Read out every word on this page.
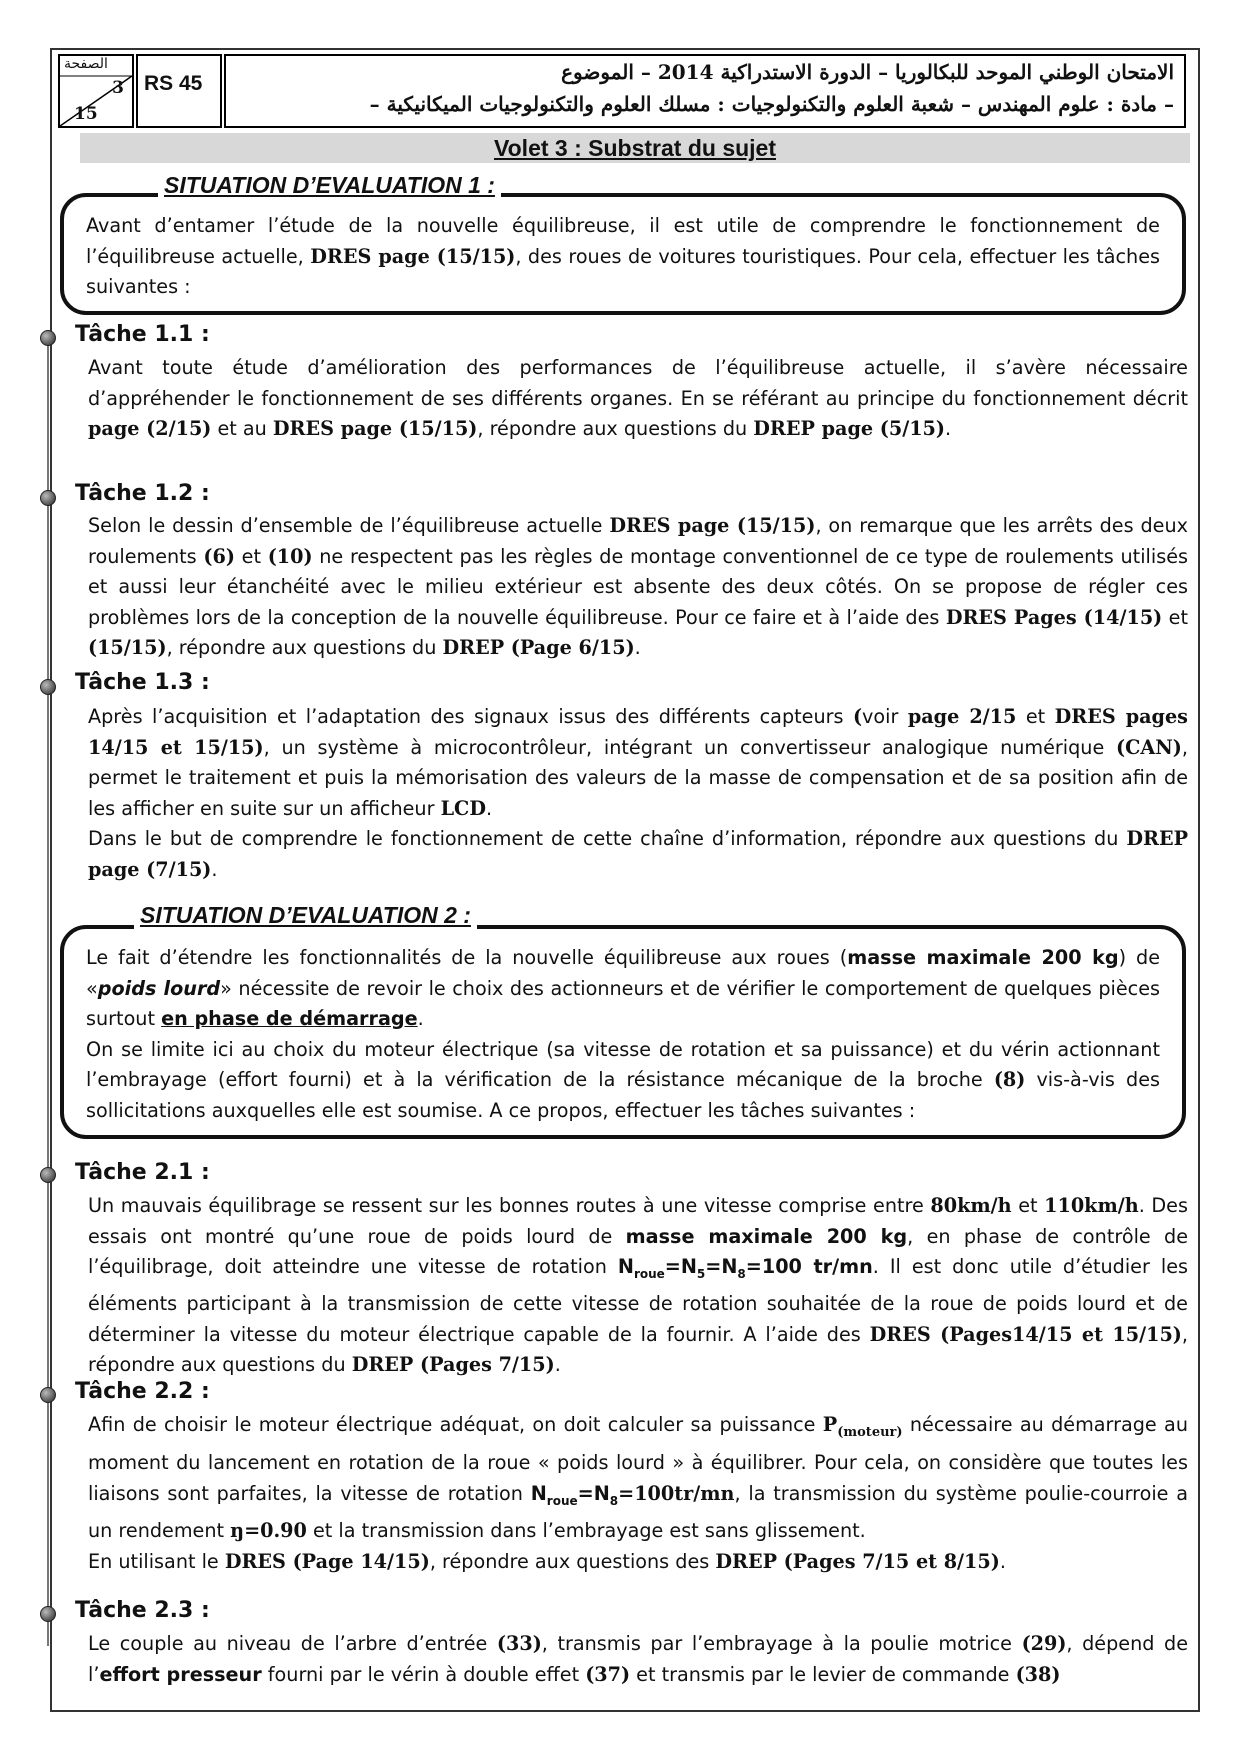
الصفحة
3
15
RS 45	الامتحان الوطني الموحد للبكالوريا – الدورة الاستدراكية 2014 – الموضوع
– مادة : علوم المهندس – شعبة العلوم والتكنولوجيات : مسلك العلوم والتكنولوجيات الميكانيكية –
Volet 3 : Substrat du sujet

Avant d’entamer l’étude de la nouvelle équilibreuse, il est utile de comprendre le fonctionnement de l’équilibreuse actuelle, DRES page (15/15), des roues de voitures touristiques. Pour cela, effectuer les tâches suivantes :

SITUATION D’EVALUATION 1 :
Tâche 1.1 :

Avant toute étude d’amélioration des performances de l’équilibreuse actuelle, il s’avère nécessaire d’appréhender le fonctionnement de ses différents organes. En se référant au principe du fonctionnement décrit page (2/15) et au DRES page (15/15), répondre aux questions du DREP page (5/15).

Tâche 1.2 :

Selon le dessin d’ensemble de l’équilibreuse actuelle DRES page (15/15), on remarque que les arrêts des deux roulements (6) et (10) ne respectent pas les règles de montage conventionnel de ce type de roulements utilisés et aussi leur étanchéité avec le milieu extérieur est absente des deux côtés. On se propose de régler ces problèmes lors de la conception de la nouvelle équilibreuse. Pour ce faire et à l’aide des DRES Pages (14/15) et (15/15), répondre aux questions du DREP (Page 6/15).

Tâche 1.3 :

Après l’acquisition et l’adaptation des signaux issus des différents capteurs (voir page 2/15 et DRES pages 14/15 et 15/15), un système à microcontrôleur, intégrant un convertisseur analogique numérique (CAN), permet le traitement et puis la mémorisation des valeurs de la masse de compensation et de sa position afin de les afficher en suite sur un afficheur LCD.

Dans le but de comprendre le fonctionnement de cette chaîne d’information, répondre aux questions du DREP page (7/15).

Le fait d’étendre les fonctionnalités de la nouvelle équilibreuse aux roues (masse maximale 200 kg) de «poids lourd» nécessite de revoir le choix des actionneurs et de vérifier le comportement de quelques pièces surtout en phase de démarrage.

On se limite ici au choix du moteur électrique (sa vitesse de rotation et sa puissance) et du vérin actionnant l’embrayage (effort fourni) et à la vérification de la résistance mécanique de la broche (8) vis-à-vis des sollicitations auxquelles elle est soumise. A ce propos, effectuer les tâches suivantes :

SITUATION D’EVALUATION 2 :
Tâche 2.1 :

Un mauvais équilibrage se ressent sur les bonnes routes à une vitesse comprise entre 80km/h et 110km/h. Des essais ont montré qu’une roue de poids lourd de masse maximale 200 kg, en phase de contrôle de l’équilibrage, doit atteindre une vitesse de rotation $N_{roue}=N_5=N_8=100$ tr/mn. Il est donc utile d’étudier les éléments participant à la transmission de cette vitesse de rotation souhaitée de la roue de poids lourd et de déterminer la vitesse du moteur électrique capable de la fournir. A l’aide des DRES (Pages14/15 et 15/15), répondre aux questions du DREP (Pages 7/15).

Tâche 2.2 :

Afin de choisir le moteur électrique adéquat, on doit calculer sa puissance $P_{(moteur)}$ nécessaire au démarrage au moment du lancement en rotation de la roue « poids lourd » à équilibrer. Pour cela, on considère que toutes les liaisons sont parfaites, la vitesse de rotation $N_{roue}=N_8=100tr/mn$, la transmission du système poulie-courroie a un rendement ŋ=0.90 et la transmission dans l’embrayage est sans glissement.

En utilisant le DRES (Page 14/15), répondre aux questions des DREP (Pages 7/15 et 8/15).

Tâche 2.3 :

Le couple au niveau de l’arbre d’entrée (33), transmis par l’embrayage à la poulie motrice (29), dépend de l’effort presseur fourni par le vérin à double effet (37) et transmis par le levier de commande (38)
